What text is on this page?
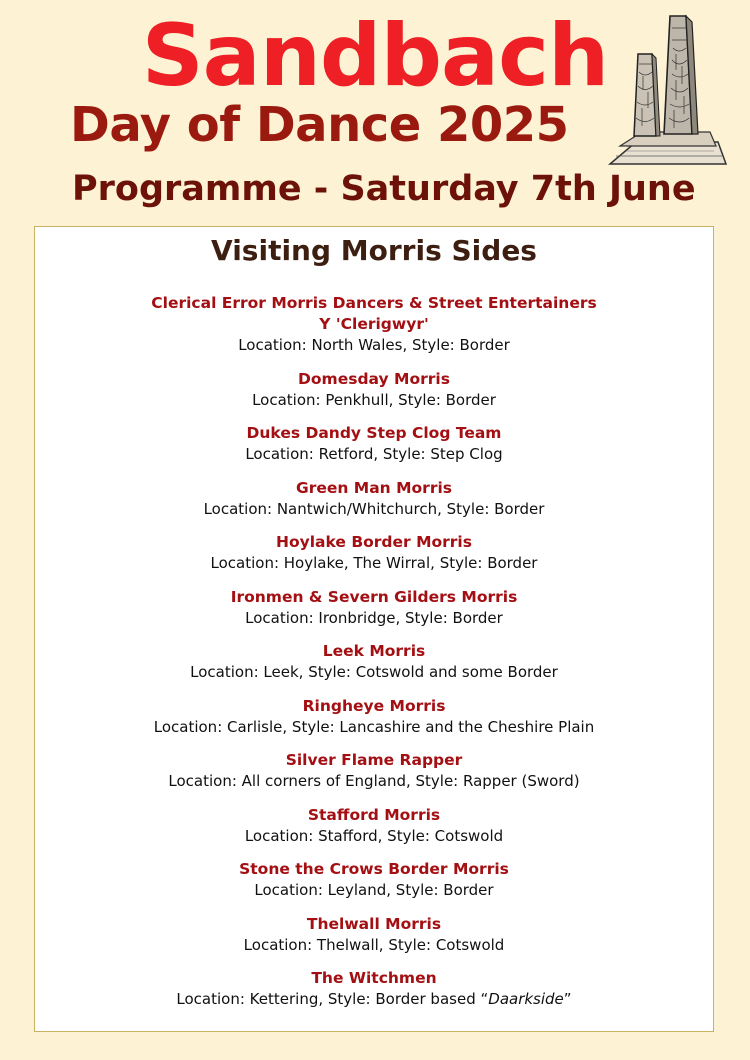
Sandbach
Day of Dance 2025
Programme - Saturday 7th June
Visiting Morris Sides
Clerical Error Morris Dancers & Street Entertainers
Y 'Clerigwyr'
Location: North Wales, Style: Border
Domesday Morris
Location: Penkhull, Style: Border
Dukes Dandy Step Clog Team
Location: Retford, Style: Step Clog
Green Man Morris
Location: Nantwich/Whitchurch, Style: Border
Hoylake Border Morris
Location: Hoylake, The Wirral, Style: Border
Ironmen & Severn Gilders Morris
Location: Ironbridge, Style: Border
Leek Morris
Location: Leek, Style: Cotswold and some Border
Ringheye Morris
Location: Carlisle, Style: Lancashire and the Cheshire Plain
Silver Flame Rapper
Location: All corners of England, Style: Rapper (Sword)
Stafford Morris
Location: Stafford, Style: Cotswold
Stone the Crows Border Morris
Location: Leyland, Style: Border
Thelwall Morris
Location: Thelwall, Style: Cotswold
The Witchmen
Location: Kettering, Style: Border based “Daarkside”
